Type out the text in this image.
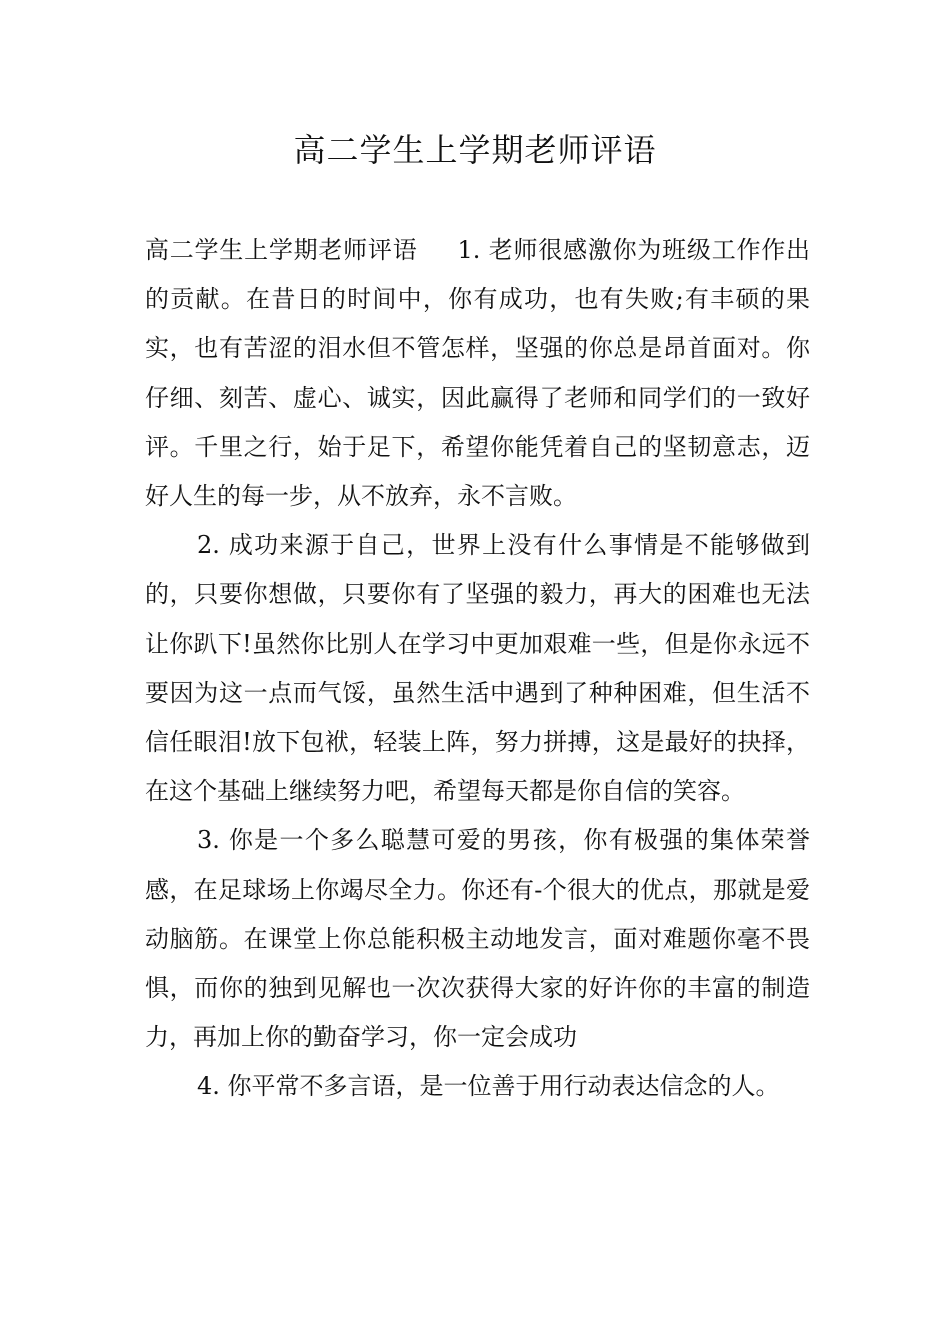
高二学生上学期老师评语

高二学生上学期老师评语 1. 老师很感激你为班级工作作出的贡献。在昔日的时间中，你有成功，也有失败;有丰硕的果实，也有苦涩的泪水但不管怎样，坚强的你总是昂首面对。你仔细、刻苦、虚心、诚实，因此赢得了老师和同学们的一致好评。千里之行，始于足下，希望你能凭着自己的坚韧意志，迈好人生的每一步，从不放弃，永不言败。

2. 成功来源于自己，世界上没有什么事情是不能够做到的，只要你想做，只要你有了坚强的毅力，再大的困难也无法让你趴下!虽然你比别人在学习中更加艰难一些，但是你永远不要因为这一点而气馁，虽然生活中遇到了种种困难，但生活不信任眼泪!放下包袱，轻装上阵，努力拼搏，这是最好的抉择，在这个基础上继续努力吧，希望每天都是你自信的笑容。

3. 你是一个多么聪慧可爱的男孩，你有极强的集体荣誉感，在足球场上你竭尽全力。你还有-个很大的优点，那就是爱动脑筋。在课堂上你总能积极主动地发言，面对难题你毫不畏惧，而你的独到见解也一次次获得大家的好许你的丰富的制造力，再加上你的勤奋学习，你一定会成功

4. 你平常不多言语，是一位善于用行动表达信念的人。
